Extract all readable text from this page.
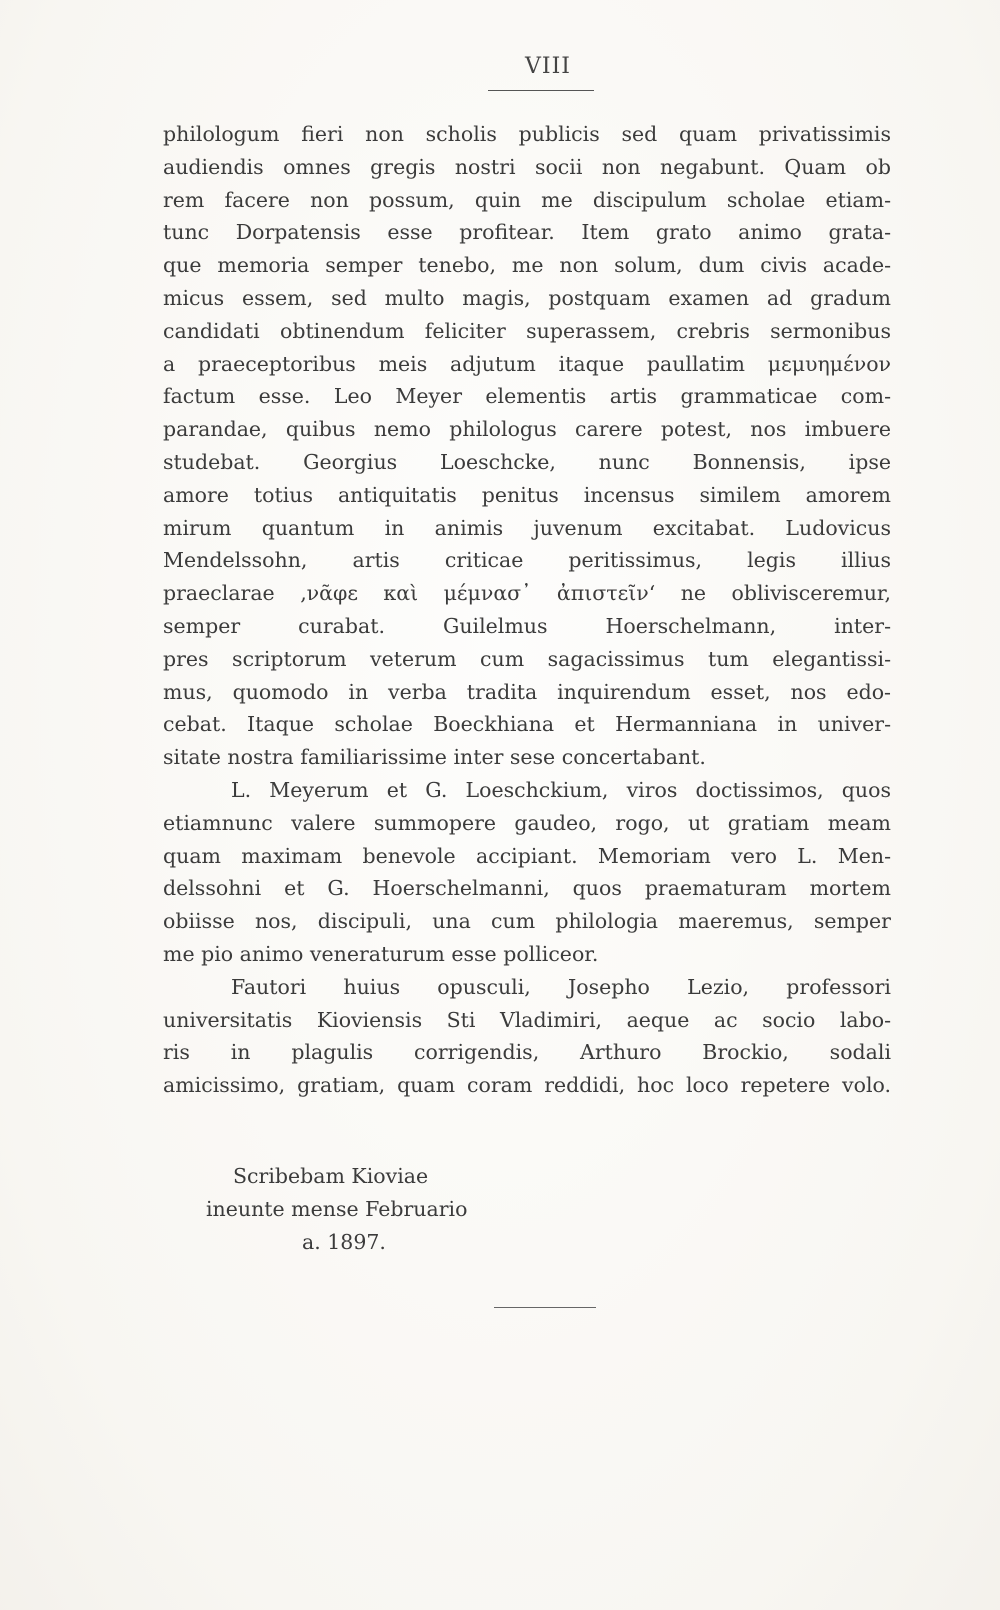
VIII
philologum fieri non scholis publicis sed quam privatissimis
audiendis omnes gregis nostri socii non negabunt. Quam ob
rem facere non possum, quin me discipulum scholae etiam-
tunc Dorpatensis esse profitear. Item grato animo grata-
que memoria semper tenebo, me non solum, dum civis acade-
micus essem, sed multo magis, postquam examen ad gradum
candidati obtinendum feliciter superassem, crebris sermonibus
a praeceptoribus meis adjutum itaque paullatim μεμυημένον
factum esse. Leo Meyer elementis artis grammaticae com-
parandae, quibus nemo philologus carere potest, nos imbuere
studebat. Georgius Loeschcke, nunc Bonnensis, ipse
amore totius antiquitatis penitus incensus similem amorem
mirum quantum in animis juvenum excitabat. Ludovicus
Mendelssohn, artis criticae peritissimus, legis illius
praeclarae ‚νᾶφε καὶ μέμνασ᾽ ἀπιστεῖν‘ ne oblivisceremur,
semper curabat. Guilelmus Hoerschelmann, inter-
pres scriptorum veterum cum sagacissimus tum elegantissi-
mus, quomodo in verba tradita inquirendum esset, nos edo-
cebat. Itaque scholae Boeckhiana et Hermanniana in univer-
sitate nostra familiarissime inter sese concertabant.
L. Meyerum et G. Loeschckium, viros doctissimos, quos
etiamnunc valere summopere gaudeo, rogo, ut gratiam meam
quam maximam benevole accipiant. Memoriam vero L. Men-
delssohni et G. Hoerschelmanni, quos praematuram mortem
obiisse nos, discipuli, una cum philologia maeremus, semper
me pio animo veneraturum esse polliceor.
Fautori huius opusculi, Josepho Lezio, professori
universitatis Kioviensis Sti Vladimiri, aeque ac socio labo-
ris in plagulis corrigendis, Arthuro Brockio, sodali
amicissimo, gratiam, quam coram reddidi, hoc loco repetere volo.
Scribebam Kioviae
ineunte mense Februario
a. 1897.
